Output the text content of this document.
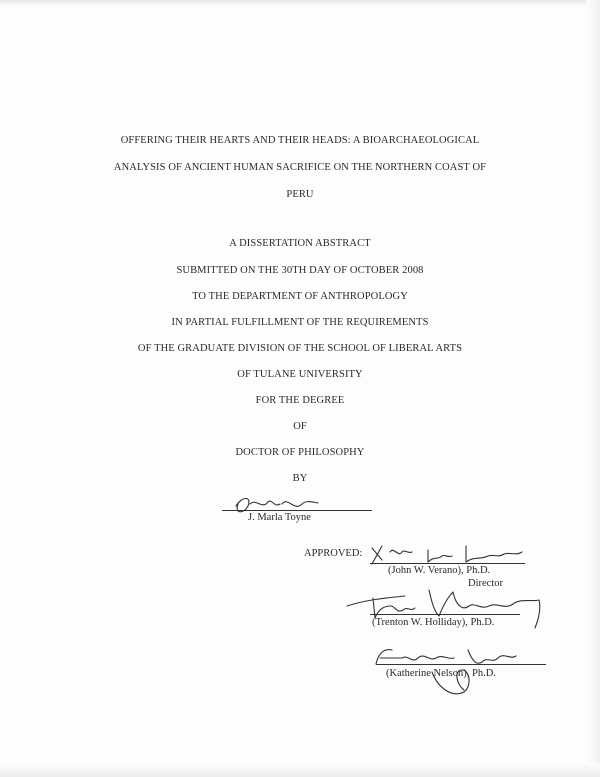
OFFERING THEIR HEARTS AND THEIR HEADS: A BIOARCHAEOLOGICAL
ANALYSIS OF ANCIENT HUMAN SACRIFICE ON THE NORTHERN COAST OF
PERU
A DISSERTATION ABSTRACT
SUBMITTED ON THE 30TH DAY OF OCTOBER 2008
TO THE DEPARTMENT OF ANTHROPOLOGY
IN PARTIAL FULFILLMENT OF THE REQUIREMENTS
OF THE GRADUATE DIVISION OF THE SCHOOL OF LIBERAL ARTS
OF TULANE UNIVERSITY
FOR THE DEGREE
OF
DOCTOR OF PHILOSOPHY
BY
J. Marla Toyne
APPROVED:
(John W. Verano), Ph.D.
Director
(Trenton W. Holliday), Ph.D.
(Katherine Nelson), Ph.D.
